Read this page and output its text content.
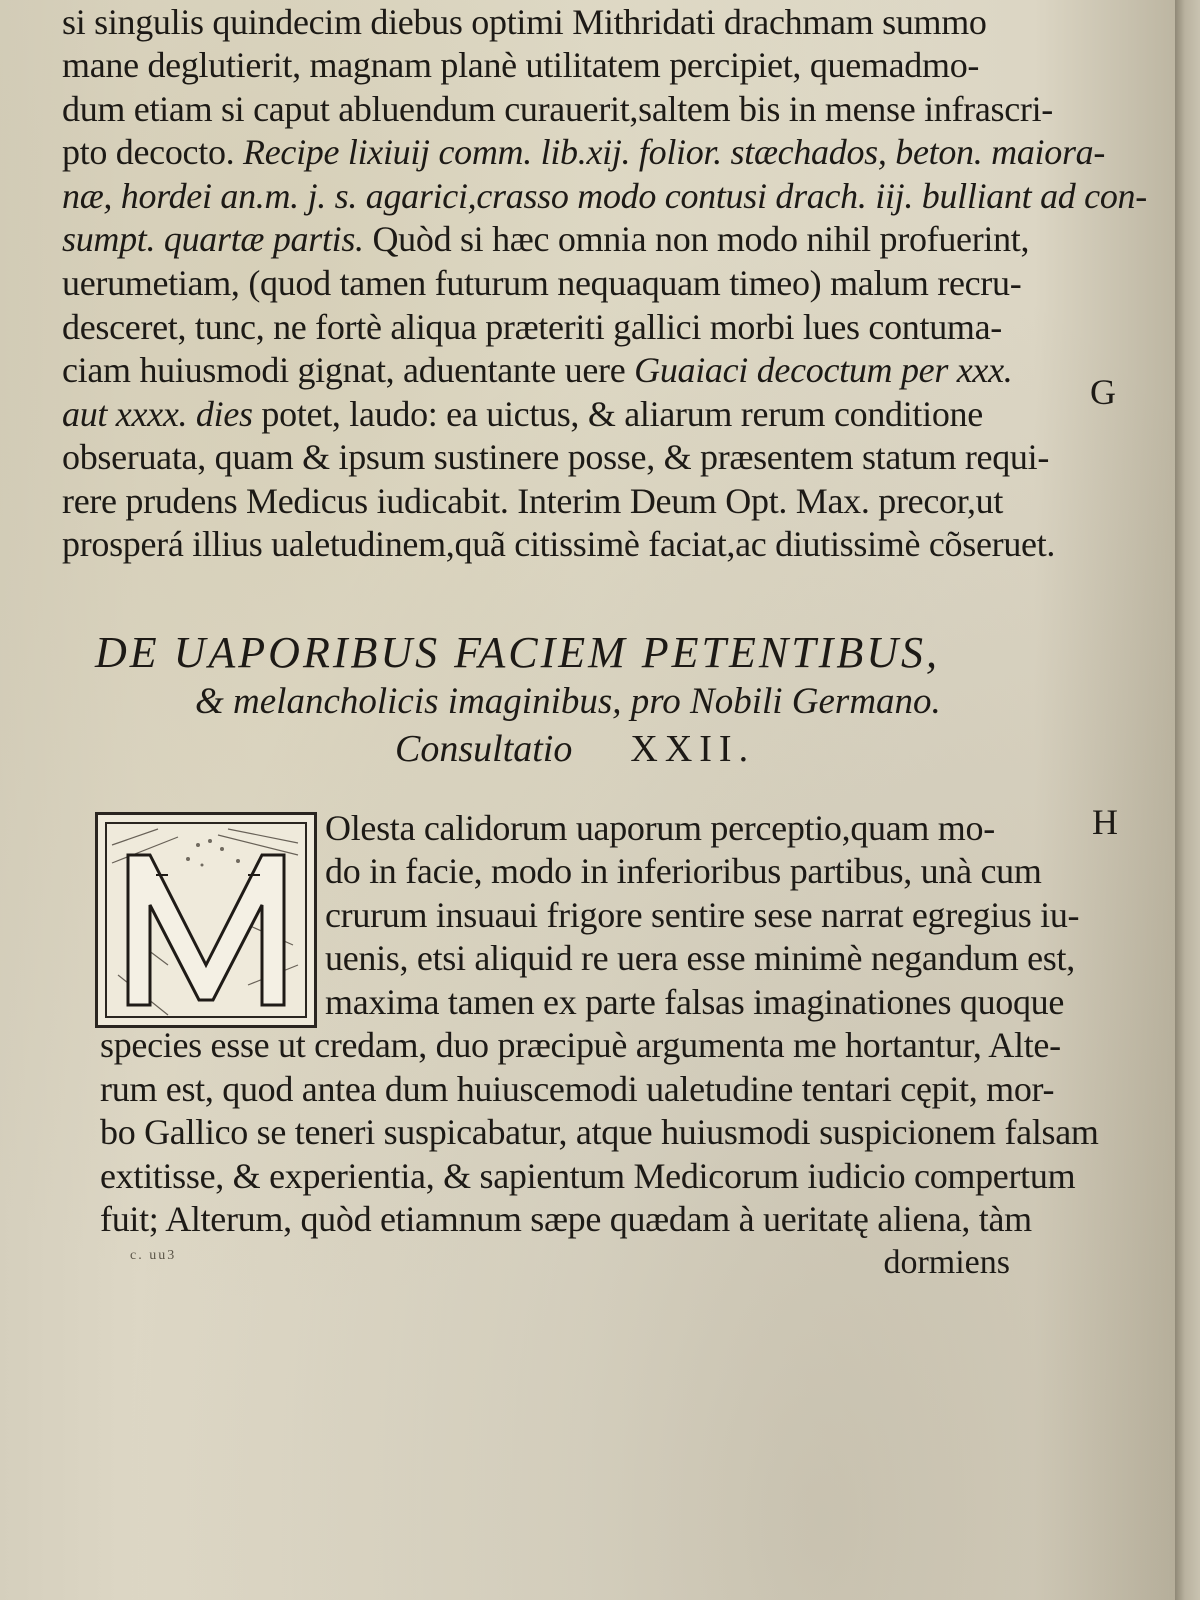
si singulis quindecim diebus optimi Mithridati drachmam summo
mane deglutierit, magnam planè utilitatem percipiet, quemadmo-
dum etiam si caput abluendum curauerit,saltem bis in mense infrascri-
pto decocto. Recipe lixiuij comm. lib.xij. folior. stæchados, beton. maiora-
næ, hordei an.m. j. s. agarici,crasso modo contusi drach. iij. bulliant ad con-
sumpt. quartæ partis. Quòd si hæc omnia non modo nihil profuerint,
uerumetiam, (quod tamen futurum nequaquam timeo) malum recru-
desceret, tunc, ne fortè aliqua præteriti gallici morbi lues contuma-
ciam huiusmodi gignat, aduentante uere Guaiaci decoctum per xxx.
aut xxxx. dies potet, laudo: ea uictus, & aliarum rerum conditione
obseruata, quam & ipsum sustinere posse, & præsentem statum requi-
rere prudens Medicus iudicabit. Interim Deum Opt. Max. precor,ut
prosperá illius ualetudinem,quã citissimè faciat,ac diutissimè cõseruet.
G
H
DE UAPORIBUS FACIEM PETENTIBUS,
& melancholicis imaginibus, pro Nobili Germano.
Consultatio XXII.
Olesta calidorum uaporum perceptio,quam mo-
do in facie, modo in inferioribus partibus, unà cum
crurum insuaui frigore sentire sese narrat egregius iu-
uenis, etsi aliquid re uera esse minimè negandum est,
maxima tamen ex parte falsas imaginationes quoque
species esse ut credam, duo præcipuè argumenta me hortantur, Alte-
rum est, quod antea dum huiuscemodi ualetudine tentari cępit, mor-
bo Gallico se teneri suspicabatur, atque huiusmodi suspicionem falsam
extitisse, & experientia, & sapientum Medicorum iudicio compertum
fuit; Alterum, quòd etiamnum sæpe quædam à ueritatę aliena, tàm
c. uu3	dormiens
